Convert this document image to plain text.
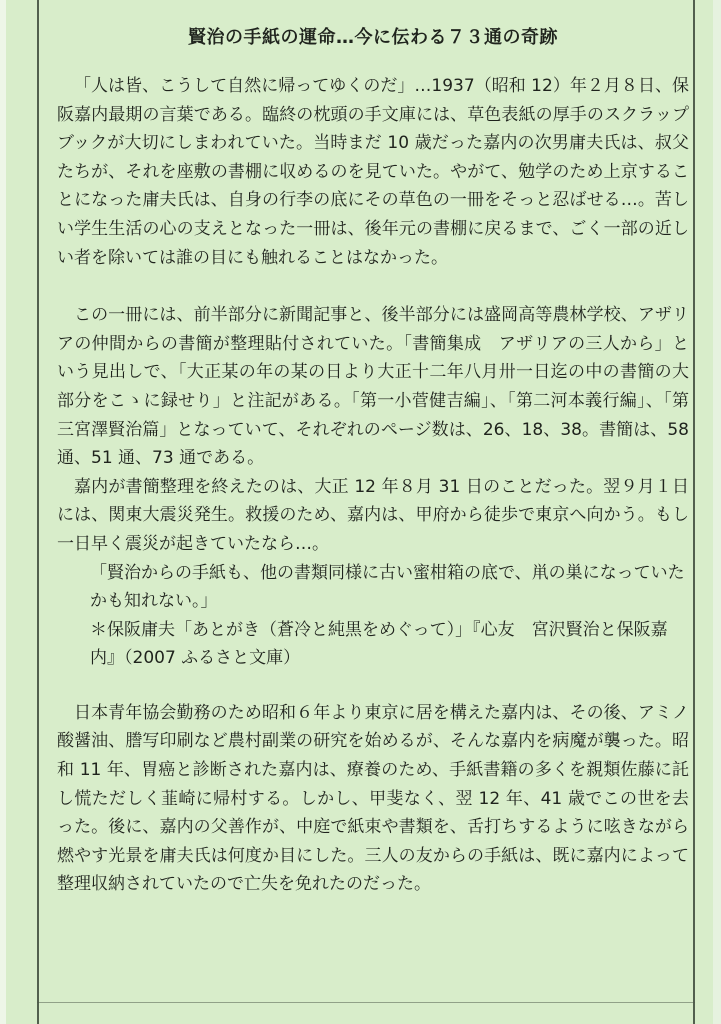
賢治の手紙の運命…今に伝わる７３通の奇跡

「人は皆、こうして自然に帰ってゆくのだ」…1937（昭和 12）年２月８日、保阪嘉内最期の言葉である。臨終の枕頭の手文庫には、草色表紙の厚手のスクラップブックが大切にしまわれていた。当時まだ 10 歳だった嘉内の次男庸夫氏は、叔父たちが、それを座敷の書棚に収めるのを見ていた。やがて、勉学のため上京することになった庸夫氏は、自身の行李の底にその草色の一冊をそっと忍ばせる…。苦しい学生生活の心の支えとなった一冊は、後年元の書棚に戻るまで、ごく一部の近しい者を除いては誰の目にも触れることはなかった。

この一冊には、前半部分に新聞記事と、後半部分には盛岡高等農林学校、アザリアの仲間からの書簡が整理貼付されていた。「書簡集成　アザリアの三人から」という見出しで、「大正某の年の某の日より大正十二年八月卅一日迄の中の書簡の大部分をこゝに録せり」と注記がある。「第一小菅健吉編」、「第二河本義行編」、「第三宮澤賢治篇」となっていて、それぞれのページ数は、26、18、38。書簡は、58 通、51 通、73 通である。

嘉内が書簡整理を終えたのは、大正 12 年８月 31 日のことだった。翌９月１日には、関東大震災発生。救援のため、嘉内は、甲府から徒歩で東京へ向かう。もし一日早く震災が起きていたなら…。

「賢治からの手紙も、他の書類同様に古い蜜柑箱の底で、鼡の巣になっていたかも知れない。」

＊保阪庸夫「あとがき（蒼冷と純黒をめぐって）」『心友　宮沢賢治と保阪嘉内』（2007 ふるさと文庫）

日本青年協会勤務のため昭和６年より東京に居を構えた嘉内は、その後、アミノ酸醤油、謄写印刷など農村副業の研究を始めるが、そんな嘉内を病魔が襲った。昭和 11 年、胃癌と診断された嘉内は、療養のため、手紙書籍の多くを親類佐藤に託し慌ただしく韮崎に帰村する。しかし、甲斐なく、翌 12 年、41 歳でこの世を去った。後に、嘉内の父善作が、中庭で紙束や書類を、舌打ちするように呟きながら燃やす光景を庸夫氏は何度か目にした。三人の友からの手紙は、既に嘉内によって整理収納されていたので亡失を免れたのだった。
